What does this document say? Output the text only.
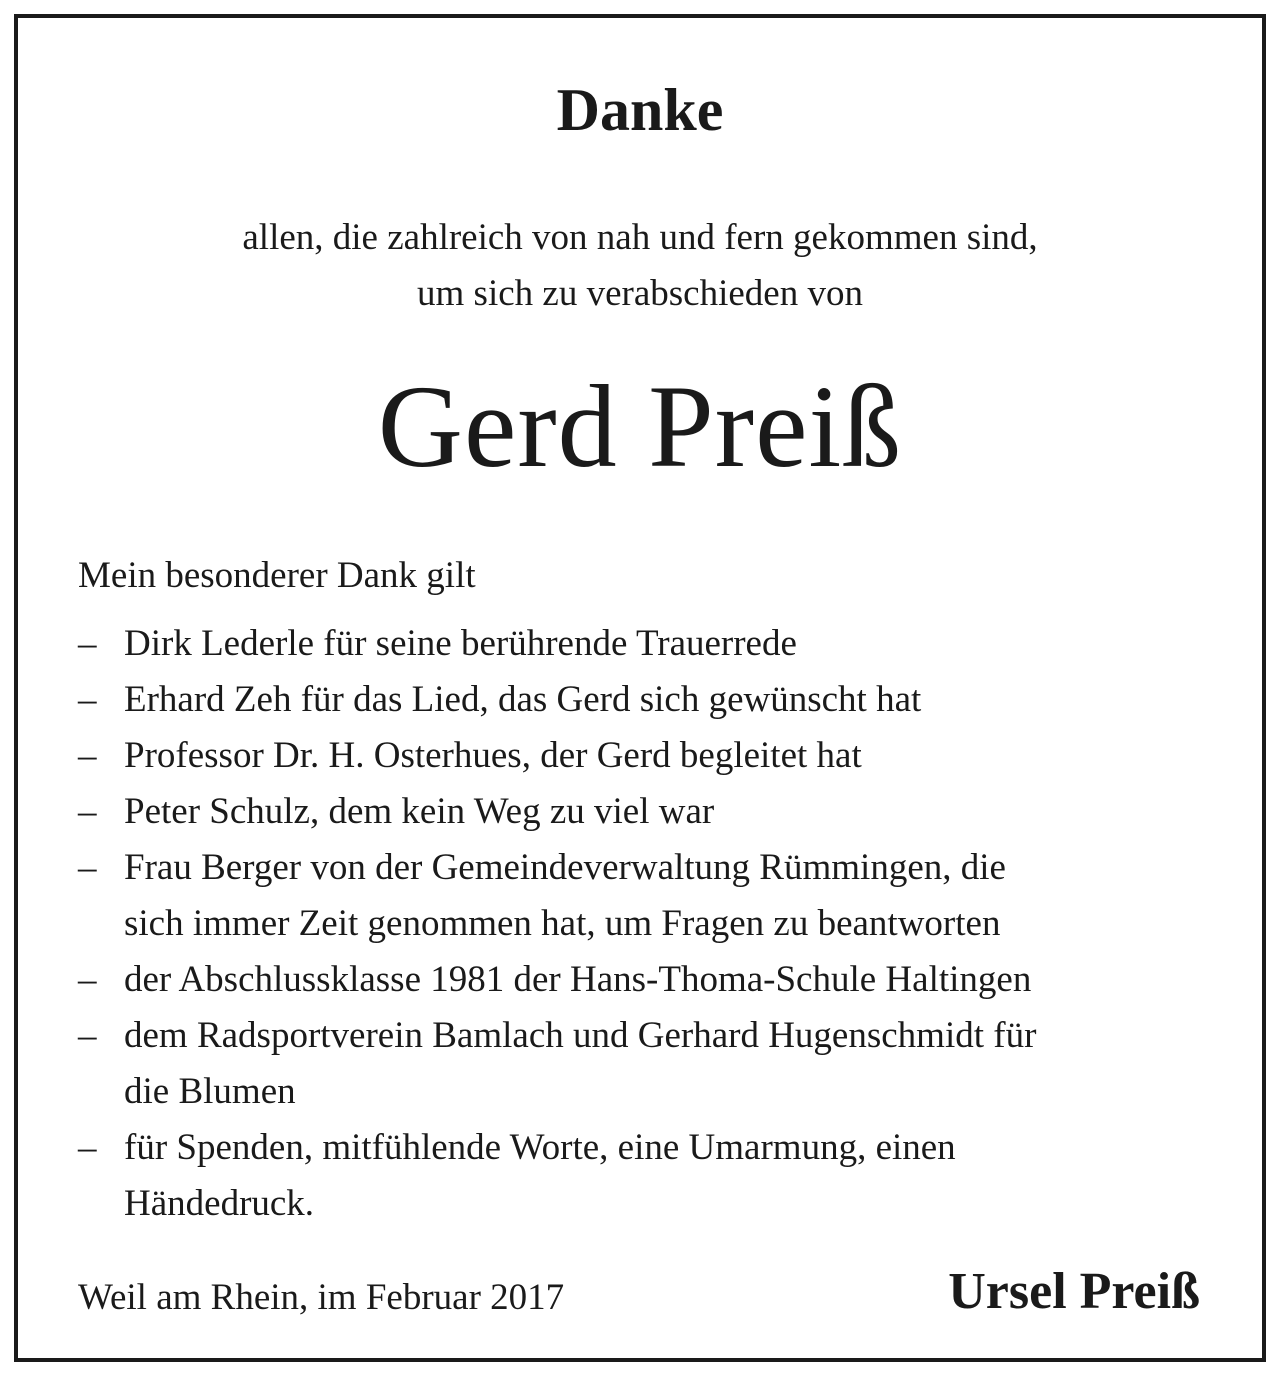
Danke
allen, die zahlreich von nah und fern gekommen sind,
um sich zu verabschieden von
Gerd Preiß
Mein besonderer Dank gilt
– Dirk Lederle für seine berührende Trauerrede
– Erhard Zeh für das Lied, das Gerd sich gewünscht hat
– Professor Dr. H. Osterhues, der Gerd begleitet hat
– Peter Schulz, dem kein Weg zu viel war
– Frau Berger von der Gemeindeverwaltung Rümmingen, die
sich immer Zeit genommen hat, um Fragen zu beantworten
– der Abschlussklasse 1981 der Hans-Thoma-Schule Haltingen
– dem Radsportverein Bamlach und Gerhard Hugenschmidt für
die Blumen
– für Spenden, mitfühlende Worte, eine Umarmung, einen
Händedruck.
Weil am Rhein, im Februar 2017	Ursel Preiß
